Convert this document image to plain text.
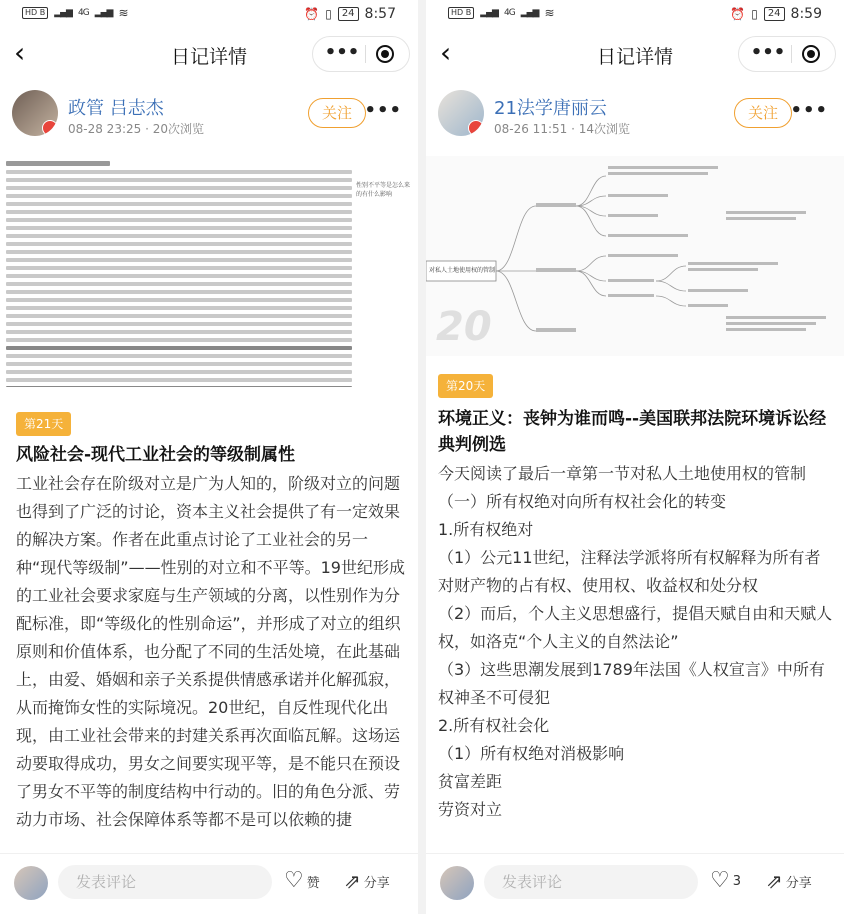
HD B	▂▄▆ 4G ▂▄▆ ≋	⏰ ▯	24 8:57
‹	日记详情	•••
政管 吕志杰
08-28 23:25 · 20次浏览
关注 •••
性别不平等是怎么来的有什么影响
第21天
风险社会-现代工业社会的等级制属性
工业社会存在阶级对立是广为人知的，阶级对立的问题也得到了广泛的讨论，资本主义社会提供了有一定效果的解决方案。作者在此重点讨论了工业社会的另一种“现代等级制”——性别的对立和不平等。19世纪形成的工业社会要求家庭与生产领域的分离，以性别作为分配标准，即“等级化的性别命运”，并形成了对立的组织原则和价值体系，也分配了不同的生活处境，在此基础上，由爱、婚姻和亲子关系提供情感承诺并化解孤寂，从而掩饰女性的实际境况。20世纪，自反性现代化出现，由工业社会带来的封建关系再次面临瓦解。这场运动要取得成功，男女之间要实现平等，是不能只在预设了男女不平等的制度结构中行动的。旧的角色分派、劳动力市场、社会保障体系等都不是可以依赖的捷
发表评论	♡ 赞 ⇗ 分享
HD B	▂▄▆ 4G ▂▄▆ ≋	⏰ ▯	24 8:59
‹	日记详情	•••
21法学唐丽云
08-26 11:51 · 14次浏览
关注 •••
对私人土地使用权的管制
20
第20天
环境正义：丧钟为谁而鸣--美国联邦法院环境诉讼经典判例选

今天阅读了最后一章第一节对私人土地使用权的管制

（一）所有权绝对向所有权社会化的转变

1.所有权绝对

（1）公元11世纪，注释法学派将所有权解释为所有者对财产物的占有权、使用权、收益权和处分权

（2）而后，个人主义思想盛行，提倡天赋自由和天赋人权，如洛克“个人主义的自然法论”

（3）这些思潮发展到1789年法国《人权宣言》中所有权神圣不可侵犯

2.所有权社会化

（1）所有权绝对消极影响

贫富差距

劳资对立

发表评论	♡ 3 ⇗ 分享
